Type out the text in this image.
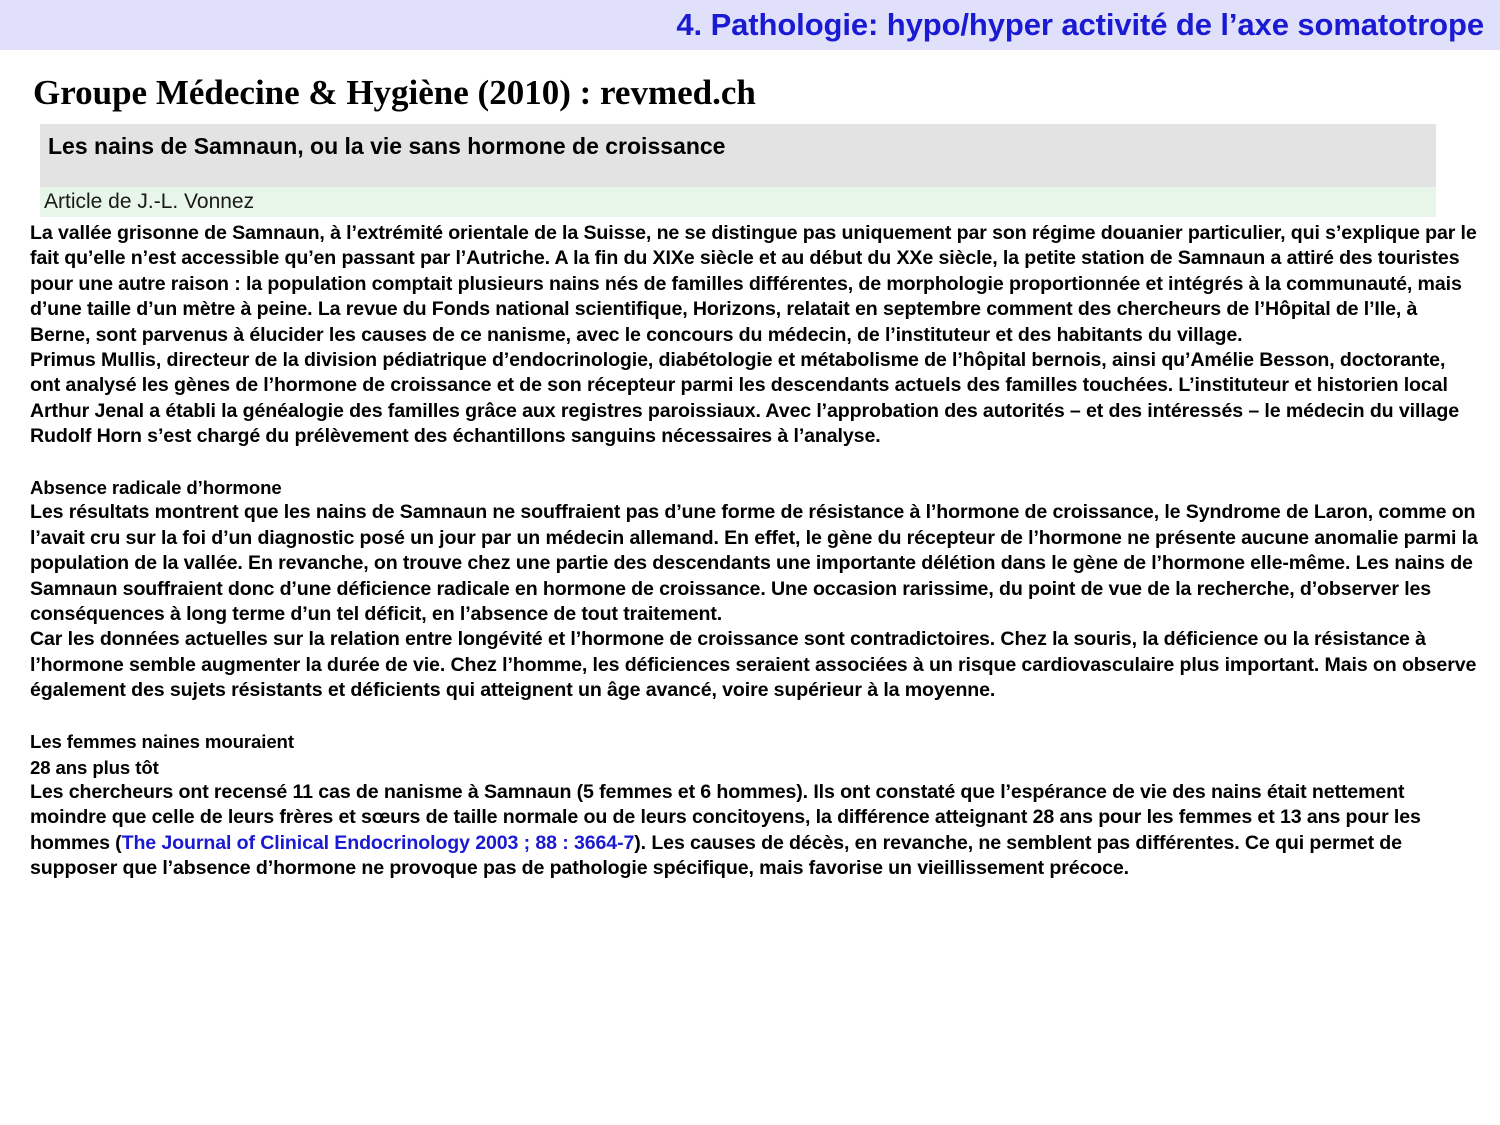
4. Pathologie: hypo/hyper activité de l’axe somatotrope
Groupe Médecine & Hygiène (2010) : revmed.ch
Les nains de Samnaun, ou la vie sans hormone de croissance
Article de J.-L. Vonnez

La vallée grisonne de Samnaun, à l’extrémité orientale de la Suisse, ne se distingue pas uniquement par son régime douanier particulier, qui s’explique par le fait qu’elle n’est accessible qu’en passant par l’Autriche. A la fin du XIXe siècle et au début du XXe siècle, la petite station de Samnaun a attiré des touristes pour une autre raison : la population comptait plusieurs nains nés de familles différentes, de morphologie proportionnée et intégrés à la communauté, mais d’une taille d’un mètre à peine. La revue du Fonds national scientifique, Horizons, relatait en septembre comment des chercheurs de l’Hôpital de l’Ile, à Berne, sont parvenus à élucider les causes de ce nanisme, avec le concours du médecin, de l’instituteur et des habitants du village.

Primus Mullis, directeur de la division pédiatrique d’endocrinologie, diabétologie et métabolisme de l’hôpital bernois, ainsi qu’Amélie Besson, doctorante, ont analysé les gènes de l’hormone de croissance et de son récepteur parmi les descendants actuels des familles touchées. L’instituteur et historien local Arthur Jenal a établi la généalogie des familles grâce aux registres paroissiaux. Avec l’approbation des autorités – et des intéressés – le médecin du village Rudolf Horn s’est chargé du prélèvement des échantillons sanguins nécessaires à l’analyse.

Absence radicale d’hormone

Les résultats montrent que les nains de Samnaun ne souffraient pas d’une forme de résistance à l’hormone de croissance, le Syndrome de Laron, comme on l’avait cru sur la foi d’un diagnostic posé un jour par un médecin allemand. En effet, le gène du récepteur de l’hormone ne présente aucune anomalie parmi la population de la vallée. En revanche, on trouve chez une partie des descendants une importante délétion dans le gène de l’hormone elle-même. Les nains de Samnaun souffraient donc d’une déficience radicale en hormone de croissance. Une occasion rarissime, du point de vue de la recherche, d’observer les conséquences à long terme d’un tel déficit, en l’absence de tout traitement.

Car les données actuelles sur la relation entre longévité et l’hormone de croissance sont contradictoires. Chez la souris, la déficience ou la résistance à l’hormone semble augmenter la durée de vie. Chez l’homme, les déficiences seraient associées à un risque cardiovasculaire plus important. Mais on observe également des sujets résistants et déficients qui atteignent un âge avancé, voire supérieur à la moyenne.

Les femmes naines mouraient

28 ans plus tôt

Les chercheurs ont recensé 11 cas de nanisme à Samnaun (5 femmes et 6 hommes). Ils ont constaté que l’espérance de vie des nains était nettement moindre que celle de leurs frères et sœurs de taille normale ou de leurs concitoyens, la différence atteignant 28 ans pour les femmes et 13 ans pour les hommes (The Journal of Clinical Endocrinology 2003 ; 88 : 3664-7). Les causes de décès, en revanche, ne semblent pas différentes. Ce qui permet de supposer que l’absence d’hormone ne provoque pas de pathologie spécifique, mais favorise un vieillissement précoce.
